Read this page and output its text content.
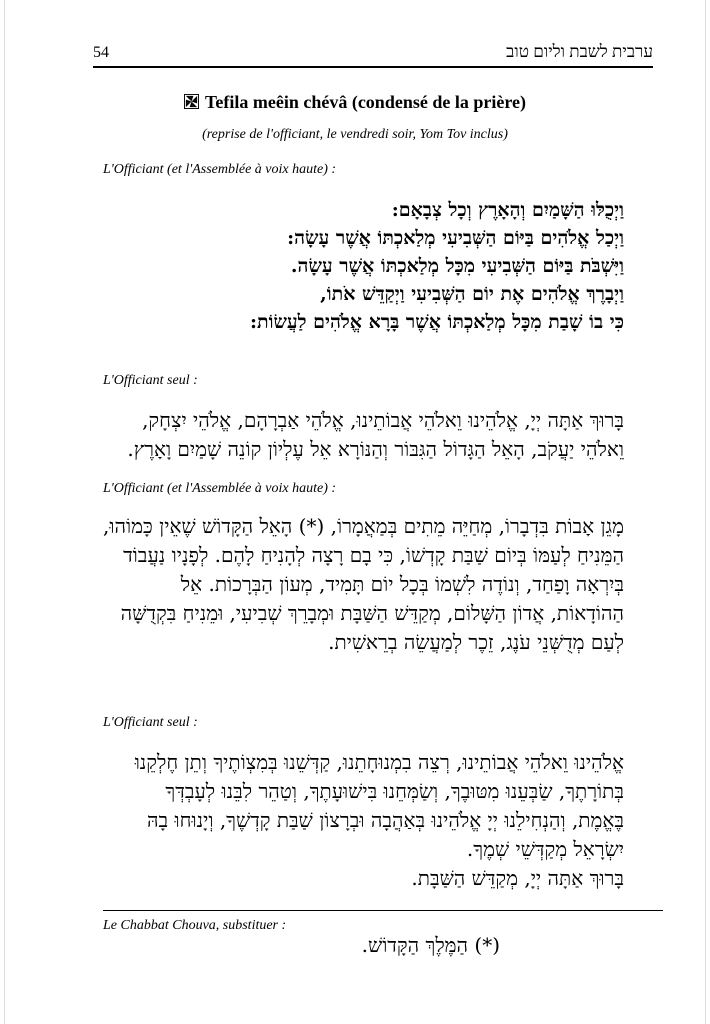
54	ערבית לשבת וליום טוב
Tefila meêin chévâ (condensé de la prière)
(reprise de l'officiant, le vendredi soir, Yom Tov inclus)
L'Officiant (et l'Assemblée à voix haute) :
וַיְכֻלּוּ הַשָּׁמַיִם וְהָאָרֶץ וְכָל צְבָאָם:
וַיְכַל אֱלֹהִים בַּיּוֹם הַשְּׁבִיעִי מְלַאכְתּוֹ אֲשֶׁר עָשָׂה:
וַיִּשְׁבֹּת בַּיּוֹם הַשְּׁבִיעִי מִכָּל מְלַאכְתּוֹ אֲשֶׁר עָשָׂה.
וַיְבָרֶךְ אֱלֹהִים אֶת יוֹם הַשְּׁבִיעִי וַיְקַדֵּשׁ אֹתוֹ,
כִּי בוֹ שָׁבַת מִכָּל מְלַאכְתּוֹ אֲשֶׁר בָּרָא אֱלֹהִים לַעֲשׂוֹת:
L'Officiant seul :
בָּרוּךְ אַתָּה יְיָ, אֱלֹהֵינוּ וֵאלֹהֵי אֲבוֹתֵינוּ, אֱלֹהֵי אַבְרָהָם, אֱלֹהֵי יִצְחָק,
וֵאלֹהֵי יַעֲקֹב, הָאֵל הַגָּדוֹל הַגִּבּוֹר וְהַנּוֹרָא אֵל עֶלְיוֹן קוֹנֵה שָׁמַיִם וָאָרֶץ.
L'Officiant (et l'Assemblée à voix haute) :
מָגֵן אָבוֹת בִּדְבָרוֹ, מְחַיֵּה מֵתִים בְּמַאֲמָרוֹ, (*) הָאֵל הַקָּדוֹשׁ שֶׁאֵין כָּמוֹהוּ,
הַמֵּנִיחַ לְעַמּוֹ בְּיוֹם שַׁבַּת קָדְשׁוֹ, כִּי בָם רָצָה לְהָנִיחַ לָהֶם. לְפָנָיו נַעֲבוֹד
בְּיִרְאָה וָפַחַד, וְנוֹדֶה לִשְׁמוֹ בְּכָל יוֹם תָּמִיד, מְעוֹן הַבְּרָכוֹת. אֵל
הַהוֹדָאוֹת, אֲדוֹן הַשָּׁלוֹם, מְקַדֵּשׁ הַשַּׁבָּת וּמְבָרֵךְ שְׁבִיעִי, וּמֵנִיחַ בִּקְדֻשָּׁה
לְעַם מְדֻשְּׁנֵי עֹנֶג, זֵכֶר לְמַעֲשֵׂה בְרֵאשִׁית.
L'Officiant seul :
אֱלֹהֵינוּ וֵאלֹהֵי אֲבוֹתֵינוּ, רְצֵה בִמְנוּחָתֵנוּ, קַדְּשֵׁנוּ בְּמִצְוֹתֶיךָ וְתֵן חֶלְקֵנוּ
בְּתוֹרָתֶךָ, שַׂבְּעֵנוּ מִטּוּבֶךָ, וְשַׂמְּחֵנוּ בִּישׁוּעָתֶךָ, וְטַהֵר לִבֵּנוּ לְעָבְדְּךָ
בֶּאֱמֶת, וְהַנְחִילֵנוּ יְיָ אֱלֹהֵינוּ בְּאַהֲבָה וּבְרָצוֹן שַׁבַּת קָדְשֶׁךָ, וְיָנוּחוּ בָהּ
יִשְׂרָאֵל מְקַדְּשֵׁי שְׁמֶךָ.
בָּרוּךְ אַתָּה יְיָ, מְקַדֵּשׁ הַשַּׁבָּת.
Le Chabbat Chouva, substituer :
(*) הַמֶּלֶךְ הַקָּדוֹשׁ.
